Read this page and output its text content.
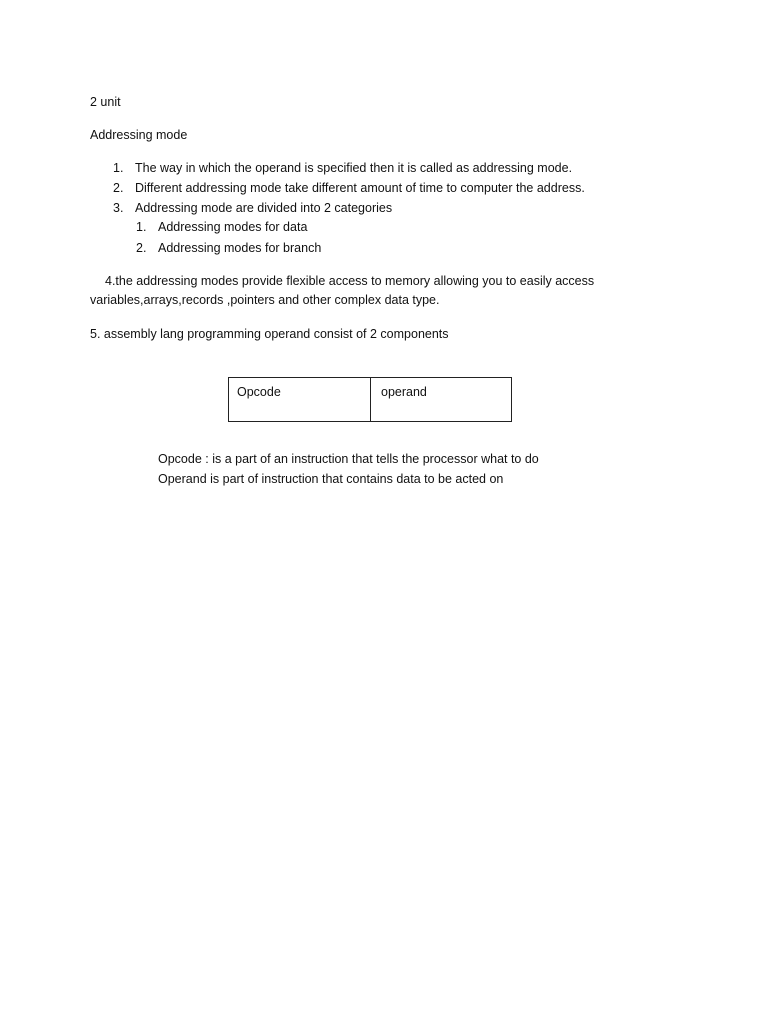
2 unit
Addressing mode
1. The way in which the operand is specified then it is called as addressing mode.
2. Different addressing mode take different amount of time to computer the address.
3. Addressing mode are divided into 2 categories
1. Addressing modes for data
2. Addressing modes for branch
4.the addressing modes provide flexible access to memory allowing you to easily access
variables,arrays,records ,pointers and other complex data type.
5. assembly lang programming operand consist of 2 components
Opcode	operand
Opcode : is a part of an instruction that tells the processor what to do
Operand is part of instruction that contains data to be acted on
